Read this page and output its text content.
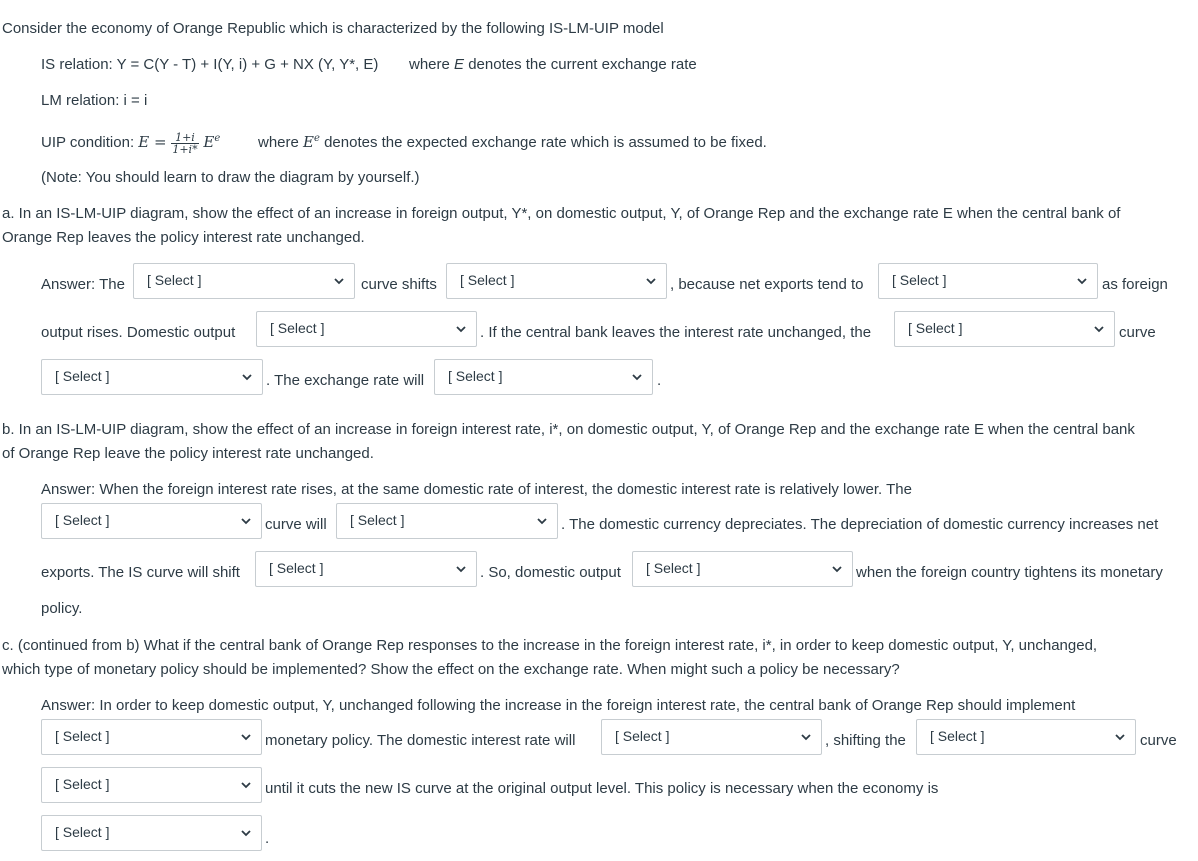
Consider the economy of Orange Republic which is characterized by the following IS-LM-UIP model
IS relation: Y = C(Y - T) + I(Y, i) + G + NX (Y, Y*, E) where E denotes the current exchange rate
LM relation: i = i
UIP condition: $E = \frac{1+i}{1+i*} E^e$	where $E^e$ denotes the expected exchange rate which is assumed to be fixed.
(Note: You should learn to draw the diagram by yourself.)
a. In an IS-LM-UIP diagram, show the effect of an increase in foreign output, Y*, on domestic output, Y, of Orange Rep and the exchange rate E when the central bank of
Orange Rep leaves the policy interest rate unchanged.
Answer: The [ Select ]	curve shifts [ Select ]	, because net exports tend to [ Select ]	as foreign
output rises. Domestic output [ Select ]	. If the central bank leaves the interest rate unchanged, the	[ Select ]	curve
[ Select ]	. The exchange rate will [ Select ]	.
b. In an IS-LM-UIP diagram, show the effect of an increase in foreign interest rate, i*, on domestic output, Y, of Orange Rep and the exchange rate E when the central bank
of Orange Rep leave the policy interest rate unchanged.
Answer: When the foreign interest rate rises, at the same domestic rate of interest, the domestic interest rate is relatively lower. The
[ Select ]	curve will [ Select ]	. The domestic currency depreciates. The depreciation of domestic currency increases net
exports. The IS curve will shift [ Select ]	. So, domestic output [ Select ]	when the foreign country tightens its monetary
policy.
c. (continued from b) What if the central bank of Orange Rep responses to the increase in the foreign interest rate, i*, in order to keep domestic output, Y, unchanged,
which type of monetary policy should be implemented? Show the effect on the exchange rate. When might such a policy be necessary?
Answer: In order to keep domestic output, Y, unchanged following the increase in the foreign interest rate, the central bank of Orange Rep should implement
[ Select ]	monetary policy. The domestic interest rate will	[ Select ]	, shifting the [ Select ]	curve
[ Select ]	until it cuts the new IS curve at the original output level. This policy is necessary when the economy is
[ Select ]	.
